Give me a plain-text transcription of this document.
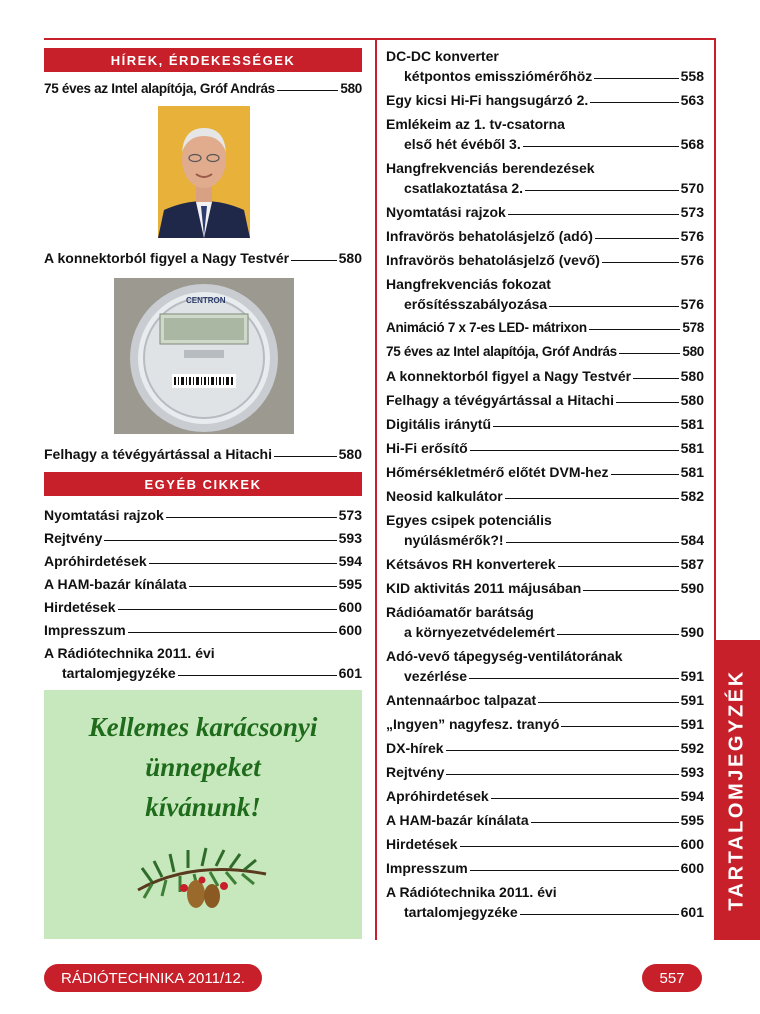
HÍREK, ÉRDEKESSÉGEK
75 éves az Intel alapítója, Gróf András	580
A konnektorból figyel a Nagy Testvér	580
CENTRON
Felhagy a tévégyártással a Hitachi	580
EGYÉB CIKKEK
Nyomtatási rajzok	573
Rejtvény	593
Apróhirdetések	594
A HAM-bazár kínálata	595
Hirdetések	600
Impresszum	600
A Rádiótechnika 2011. évi
tartalomjegyzéke	601
Kellemes karácsonyi
ünnepeket
kívánunk!
DC-DC konverter
kétpontos emissziómérőhöz	558
Egy kicsi Hi-Fi hangsugárzó 2.	563
Emlékeim az 1. tv-csatorna
első hét évéből 3.	568
Hangfrekvenciás berendezések
csatlakoztatása 2.	570
Nyomtatási rajzok	573
Infravörös behatolásjelző (adó)	576
Infravörös behatolásjelző (vevő)	576
Hangfrekvenciás fokozat
erősítésszabályozása	576
Animáció 7 x 7-es LED- mátrixon	578
75 éves az Intel alapítója, Gróf András	580
A konnektorból figyel a Nagy Testvér	580
Felhagy a tévégyártással a Hitachi	580
Digitális iránytű	581
Hi-Fi erősítő	581
Hőmérsékletmérő előtét DVM-hez	581
Neosid kalkulátor	582
Egyes csipek potenciális
nyúlásmérők?!	584
Kétsávos RH konverterek	587
KID aktivitás 2011 májusában	590
Rádióamatőr barátság
a környezetvédelemért	590
Adó-vevő tápegység-ventilátorának
vezérlése	591
Antennaárboc talpazat	591
„Ingyen” nagyfesz. tranyó	591
DX-hírek	592
Rejtvény	593
Apróhirdetések	594
A HAM-bazár kínálata	595
Hirdetések	600
Impresszum	600
A Rádiótechnika 2011. évi
tartalomjegyzéke	601
TARTALOMJEGYZÉK
RÁDIÓTECHNIKA 2011/12.	557
